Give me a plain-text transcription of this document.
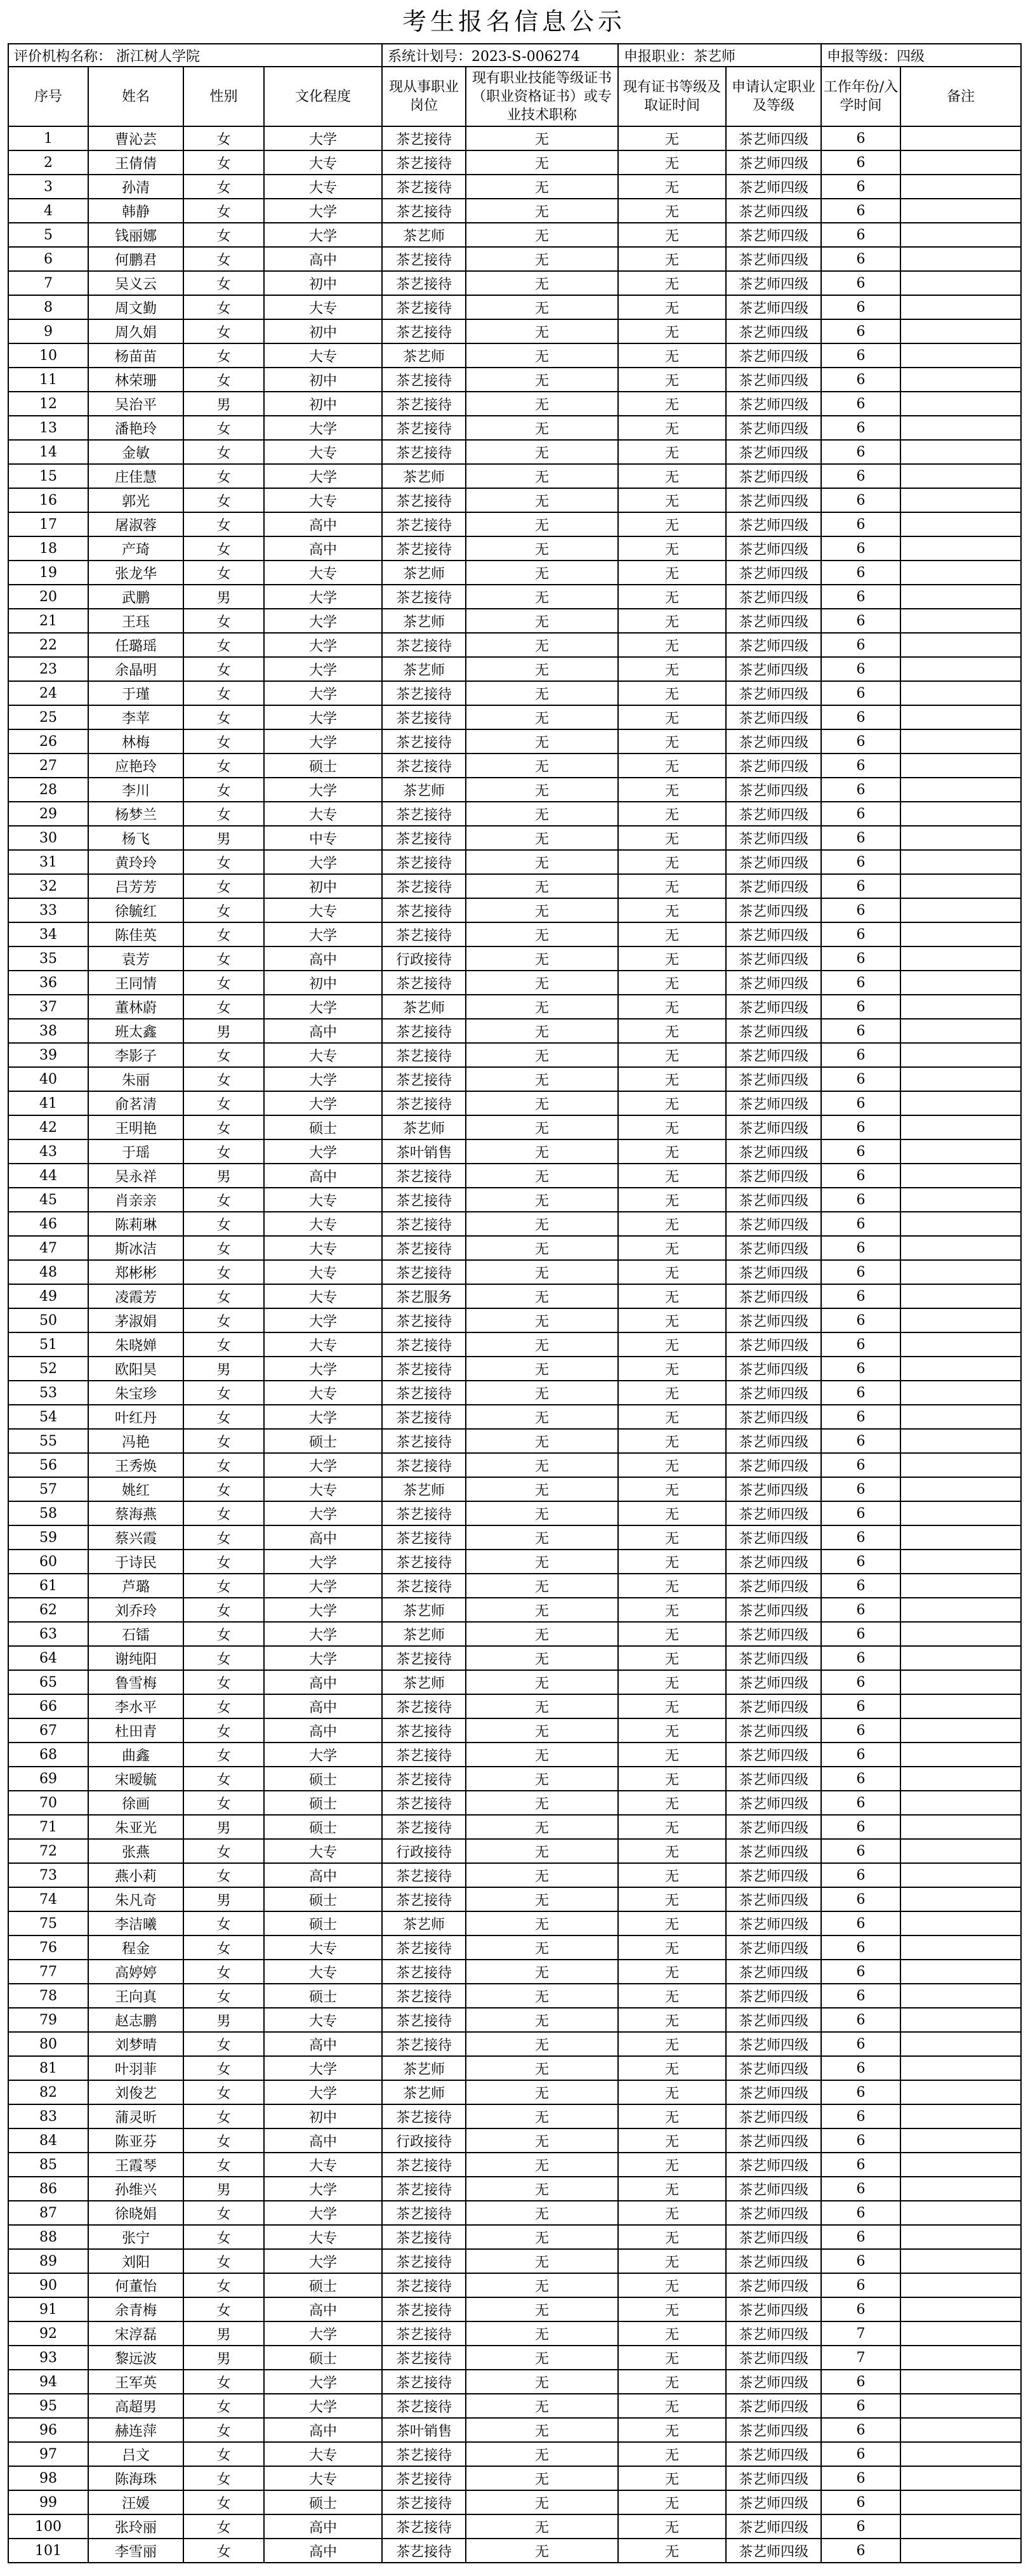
考生报名信息公示
评价机构名称： 浙江树人学院				系统计划号：2023-S-006274		申报职业：茶艺师		申报等级：四级	
序号	姓名	性别	文化程度	现从事职业岗位	现有职业技能等级证书（职业资格证书）或专业技术职称	现有证书等级及取证时间	申请认定职业及等级	工作年份/入学时间	备注
1	曹沁芸	女	大学	茶艺接待	无	无	茶艺师四级	6	
2	王倩倩	女	大专	茶艺接待	无	无	茶艺师四级	6	
3	孙清	女	大专	茶艺接待	无	无	茶艺师四级	6	
4	韩静	女	大学	茶艺接待	无	无	茶艺师四级	6	
5	钱丽娜	女	大学	茶艺师	无	无	茶艺师四级	6	
6	何鹏君	女	高中	茶艺接待	无	无	茶艺师四级	6	
7	吴义云	女	初中	茶艺接待	无	无	茶艺师四级	6	
8	周文勤	女	大专	茶艺接待	无	无	茶艺师四级	6	
9	周久娟	女	初中	茶艺接待	无	无	茶艺师四级	6	
10	杨苗苗	女	大专	茶艺师	无	无	茶艺师四级	6	
11	林荣珊	女	初中	茶艺接待	无	无	茶艺师四级	6	
12	吴治平	男	初中	茶艺接待	无	无	茶艺师四级	6	
13	潘艳玲	女	大学	茶艺接待	无	无	茶艺师四级	6	
14	金敏	女	大专	茶艺接待	无	无	茶艺师四级	6	
15	庄佳慧	女	大学	茶艺师	无	无	茶艺师四级	6	
16	郭光	女	大专	茶艺接待	无	无	茶艺师四级	6	
17	屠淑蓉	女	高中	茶艺接待	无	无	茶艺师四级	6	
18	产琦	女	高中	茶艺接待	无	无	茶艺师四级	6	
19	张龙华	女	大专	茶艺师	无	无	茶艺师四级	6	
20	武鹏	男	大学	茶艺接待	无	无	茶艺师四级	6	
21	王珏	女	大学	茶艺师	无	无	茶艺师四级	6	
22	任璐瑶	女	大学	茶艺接待	无	无	茶艺师四级	6	
23	余晶明	女	大学	茶艺师	无	无	茶艺师四级	6	
24	于瑾	女	大学	茶艺接待	无	无	茶艺师四级	6	
25	李苹	女	大学	茶艺接待	无	无	茶艺师四级	6	
26	林梅	女	大学	茶艺接待	无	无	茶艺师四级	6	
27	应艳玲	女	硕士	茶艺接待	无	无	茶艺师四级	6	
28	李川	女	大学	茶艺师	无	无	茶艺师四级	6	
29	杨梦兰	女	大专	茶艺接待	无	无	茶艺师四级	6	
30	杨飞	男	中专	茶艺接待	无	无	茶艺师四级	6	
31	黄玲玲	女	大学	茶艺接待	无	无	茶艺师四级	6	
32	吕芳芳	女	初中	茶艺接待	无	无	茶艺师四级	6	
33	徐毓红	女	大专	茶艺接待	无	无	茶艺师四级	6	
34	陈佳英	女	大学	茶艺接待	无	无	茶艺师四级	6	
35	袁芳	女	高中	行政接待	无	无	茶艺师四级	6	
36	王同情	女	初中	茶艺接待	无	无	茶艺师四级	6	
37	董林蔚	女	大学	茶艺师	无	无	茶艺师四级	6	
38	班太鑫	男	高中	茶艺接待	无	无	茶艺师四级	6	
39	李影子	女	大专	茶艺接待	无	无	茶艺师四级	6	
40	朱丽	女	大学	茶艺接待	无	无	茶艺师四级	6	
41	俞茗清	女	大学	茶艺接待	无	无	茶艺师四级	6	
42	王明艳	女	硕士	茶艺师	无	无	茶艺师四级	6	
43	于瑶	女	大学	茶叶销售	无	无	茶艺师四级	6	
44	吴永祥	男	高中	茶艺接待	无	无	茶艺师四级	6	
45	肖亲亲	女	大专	茶艺接待	无	无	茶艺师四级	6	
46	陈莉琳	女	大专	茶艺接待	无	无	茶艺师四级	6	
47	斯冰洁	女	大专	茶艺接待	无	无	茶艺师四级	6	
48	郑彬彬	女	大专	茶艺接待	无	无	茶艺师四级	6	
49	凌霞芳	女	大专	茶艺服务	无	无	茶艺师四级	6	
50	茅淑娟	女	大学	茶艺接待	无	无	茶艺师四级	6	
51	朱晓婵	女	大专	茶艺接待	无	无	茶艺师四级	6	
52	欧阳昊	男	大学	茶艺接待	无	无	茶艺师四级	6	
53	朱宝珍	女	大专	茶艺接待	无	无	茶艺师四级	6	
54	叶红丹	女	大学	茶艺接待	无	无	茶艺师四级	6	
55	冯艳	女	硕士	茶艺接待	无	无	茶艺师四级	6	
56	王秀焕	女	大学	茶艺接待	无	无	茶艺师四级	6	
57	姚红	女	大专	茶艺师	无	无	茶艺师四级	6	
58	蔡海燕	女	大学	茶艺接待	无	无	茶艺师四级	6	
59	蔡兴霞	女	高中	茶艺接待	无	无	茶艺师四级	6	
60	于诗民	女	大学	茶艺接待	无	无	茶艺师四级	6	
61	芦璐	女	大学	茶艺接待	无	无	茶艺师四级	6	
62	刘乔玲	女	大学	茶艺师	无	无	茶艺师四级	6	
63	石镭	女	大学	茶艺师	无	无	茶艺师四级	6	
64	谢纯阳	女	大学	茶艺接待	无	无	茶艺师四级	6	
65	鲁雪梅	女	高中	茶艺师	无	无	茶艺师四级	6	
66	李水平	女	高中	茶艺接待	无	无	茶艺师四级	6	
67	杜田青	女	高中	茶艺接待	无	无	茶艺师四级	6	
68	曲鑫	女	大学	茶艺接待	无	无	茶艺师四级	6	
69	宋暧毓	女	硕士	茶艺接待	无	无	茶艺师四级	6	
70	徐画	女	硕士	茶艺接待	无	无	茶艺师四级	6	
71	朱亚光	男	硕士	茶艺接待	无	无	茶艺师四级	6	
72	张燕	女	大专	行政接待	无	无	茶艺师四级	6	
73	燕小莉	女	高中	茶艺接待	无	无	茶艺师四级	6	
74	朱凡奇	男	硕士	茶艺接待	无	无	茶艺师四级	6	
75	李洁曦	女	硕士	茶艺师	无	无	茶艺师四级	6	
76	程金	女	大专	茶艺接待	无	无	茶艺师四级	6	
77	高婷婷	女	大专	茶艺接待	无	无	茶艺师四级	6	
78	王向真	女	硕士	茶艺接待	无	无	茶艺师四级	6	
79	赵志鹏	男	大专	茶艺接待	无	无	茶艺师四级	6	
80	刘梦晴	女	高中	茶艺接待	无	无	茶艺师四级	6	
81	叶羽菲	女	大学	茶艺师	无	无	茶艺师四级	6	
82	刘俊艺	女	大学	茶艺师	无	无	茶艺师四级	6	
83	蒲灵昕	女	初中	茶艺接待	无	无	茶艺师四级	6	
84	陈亚芬	女	高中	行政接待	无	无	茶艺师四级	6	
85	王霞琴	女	大专	茶艺接待	无	无	茶艺师四级	6	
86	孙维兴	男	大学	茶艺接待	无	无	茶艺师四级	6	
87	徐晓娟	女	大学	茶艺接待	无	无	茶艺师四级	6	
88	张宁	女	大专	茶艺接待	无	无	茶艺师四级	6	
89	刘阳	女	大学	茶艺接待	无	无	茶艺师四级	6	
90	何董怡	女	硕士	茶艺接待	无	无	茶艺师四级	6	
91	余青梅	女	高中	茶艺接待	无	无	茶艺师四级	6	
92	宋淳磊	男	大学	茶艺接待	无	无	茶艺师四级	7	
93	黎远波	男	硕士	茶艺接待	无	无	茶艺师四级	7	
94	王军英	女	大学	茶艺接待	无	无	茶艺师四级	6	
95	高超男	女	大学	茶艺接待	无	无	茶艺师四级	6	
96	赫连萍	女	高中	茶叶销售	无	无	茶艺师四级	6	
97	吕文	女	大专	茶艺接待	无	无	茶艺师四级	6	
98	陈海珠	女	大专	茶艺接待	无	无	茶艺师四级	6	
99	汪媛	女	硕士	茶艺接待	无	无	茶艺师四级	6	
100	张玲丽	女	高中	茶艺接待	无	无	茶艺师四级	6	
101	李雪丽	女	高中	茶艺接待	无	无	茶艺师四级	6	
